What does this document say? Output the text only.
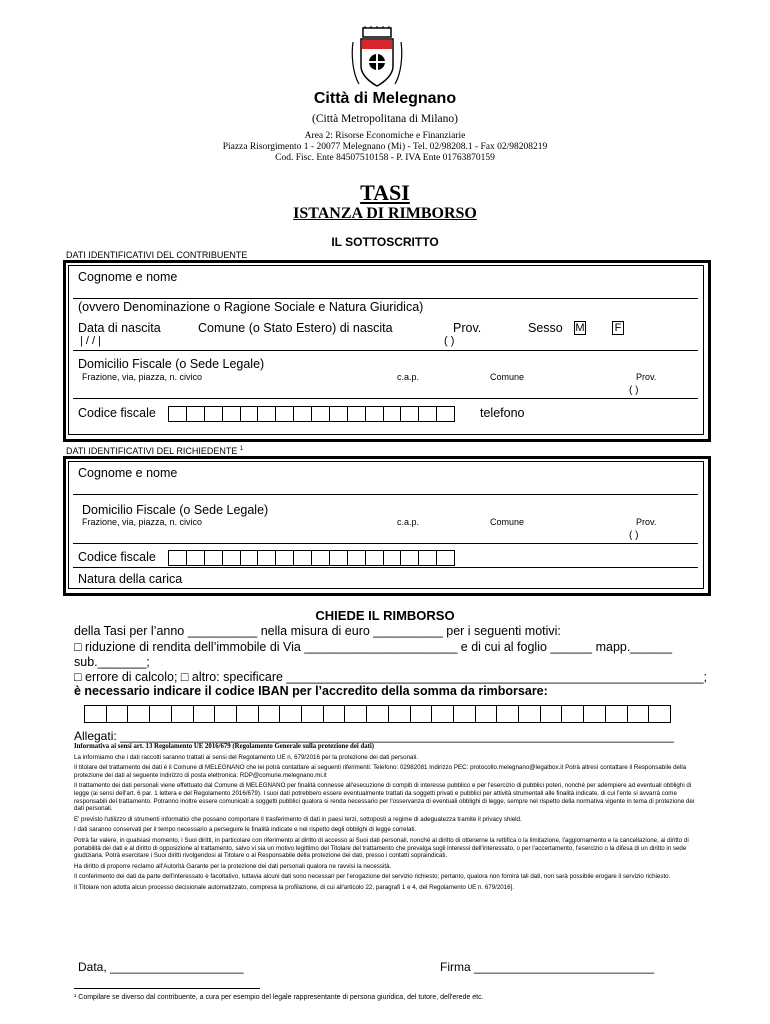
Città di Melegnano
(Città Metropolitana di Milano)
Area 2: Risorse Economiche e Finanziarie
Piazza Risorgimento 1 - 20077 Melegnano (Mi) - Tel. 02/98208.1 - Fax 02/98208219
Cod. Fisc. Ente 84507510158 - P. IVA Ente 01763870159
TASI
ISTANZA DI RIMBORSO
IL SOTTOSCRITTO
DATI IDENTIFICATIVI DEL CONTRIBUENTE
Cognome e nome
(ovvero Denominazione o Ragione Sociale e Natura Giuridica)
Data di nascita	Comune (o Stato Estero) di nascita	Prov.	Sesso M	F
| / / |	( )
Domicilio Fiscale (o Sede Legale)
Frazione, via, piazza, n. civico	c.a.p.	Comune	Prov.
( )
Codice fiscale	telefono
DATI IDENTIFICATIVI DEL RICHIEDENTE $^1$
Cognome e nome
Domicilio Fiscale (o Sede Legale)
Frazione, via, piazza, n. civico	c.a.p.	Comune	Prov.
( )
Codice fiscale
Natura della carica
CHIEDE IL RIMBORSO
della Tasi per l’anno __________ nella misura di euro __________ per i seguenti motivi:
□ riduzione di rendita dell’immobile di Via ______________________ e di cui al foglio ______ mapp.______
sub._______;
□ errore di calcolo; □ altro: specificare ____________________________________________________________;
è necessario indicare il codice IBAN per l’accredito della somma da rimborsare:
Allegati: ___________________________________________________________________________________

Informativa ai sensi art. 13 Regolamento UE 2016/679 (Regolamento Generale sulla protezione dei dati)

La informiamo che i dati raccolti saranno trattati ai sensi del Regolamento UE n. 679/2016 per la protezione dei dati personali.

Il titolare del trattamento dei dati è il Comune di MELEGNANO che lei potrà contattare ai seguenti riferimenti: Telefono: 02982081 Indirizzo PEC: protocollo.melegnano@legalbox.it Potrà altresì contattare il Responsabile della protezione dei dati al seguente indirizzo di posta elettronica: RDP@comune.melegnano.mi.it

Il trattamento dei dati personali viene effettuato dal Comune di MELEGNANO per finalità connesse all'esecuzione di compiti di interesse pubblico e per l'esercizio di pubblici poteri, nonché per adempiere ad eventuali obblighi di legge (ai sensi dell'art. 6 par. 1 lettera e del Regolamento 2016/679). I suoi dati potrebbero essere eventualmente trattati da soggetti privati e pubblici per attività strumentali alle finalità indicate, di cui l'ente si avvarrà come responsabili del trattamento. Potranno inoltre essere comunicati a soggetti pubblici qualora si renda necessario per l'osservanza di eventuali obblighi di legge, sempre nel rispetto della normativa vigente in tema di protezione dei dati personali.

E' previsto l'utilizzo di strumenti informatici che possano comportare il trasferimento di dati in paesi terzi, sottoposti a regime di adeguatezza tramite il privacy shield.

I dati saranno conservati per il tempo necessario a perseguire le finalità indicate e nel rispetto degli obblighi di legge correlati.

Potrà far valere, in qualsiasi momento, i Suoi diritti, in particolare con riferimento al diritto di accesso ai Suoi dati personali, nonché al diritto di ottenerne la rettifica o la limitazione, l'aggiornamento e la cancellazione, ai diritto di portabilità dei dati e al diritto di opposizione al trattamento, salvo vi sia un motivo legittimo del Titolare del trattamento che prevalga sugli interessi dell'interessato, o per l'accertamento, l'esercizio o la difesa di un diritto in sede giudiziaria. Potrà esercitare i Suoi diritti rivolgendosi al Titolare o al Responsabile della protezione dei dati, presso i contatti sopraindicati.

Ha diritto di proporre reclamo all'Autorità Garante per la protezione dei dati personali qualora ne ravvisi la necessità.

Il conferimento dei dati da parte dell'interessato è facoltativo, tuttavia alcuni dati sono necessari per l'erogazione del servizio richiesto; pertanto, qualora non fornirà tali dati, non sarà possibile erogare il servizio richiesto.

Il Titolare non adotta alcun processo decisionale automatizzato, compresa la profilazione, di cui all'articolo 22, paragrafi 1 e 4, del Regolamento UE n. 679/2016].

Data, ____________________	Firma ___________________________
¹ Compilare se diverso dal contribuente, a cura per esempio del legale rappresentante di persona giuridica, del tutore, dell'erede etc.
